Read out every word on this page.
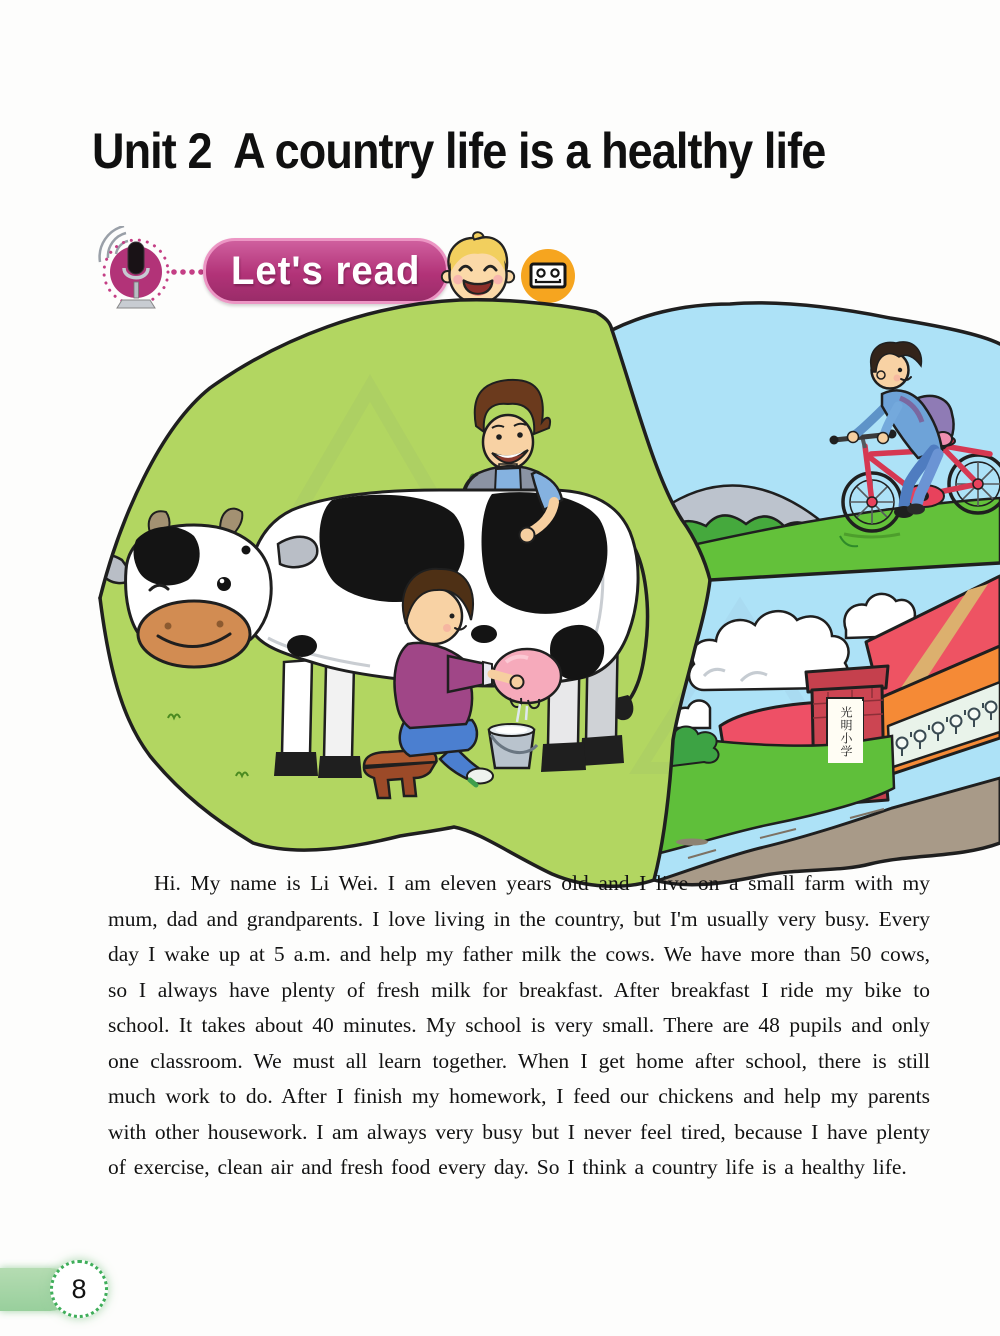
Unit 2  A country life is a healthy life
Let's read
光明小学

Hi. My name is Li Wei. I am eleven years old and I live on a small farm with my mum, dad and grandparents. I love living in the country, but I'm usually very busy. Every day I wake up at 5 a.m. and help my father milk the cows. We have more than 50 cows, so I always have plenty of fresh milk for breakfast. After breakfast I ride my bike to school. It takes about 40 minutes. My school is very small. There are 48 pupils and only one classroom. We must all learn together. When I get home after school, there is still much work to do. After I finish my homework, I feed our chickens and help my parents with other housework. I am always very busy but I never feel tired, because I have plenty of exercise, clean air and fresh food every day. So I think a country life is a healthy life.

8
